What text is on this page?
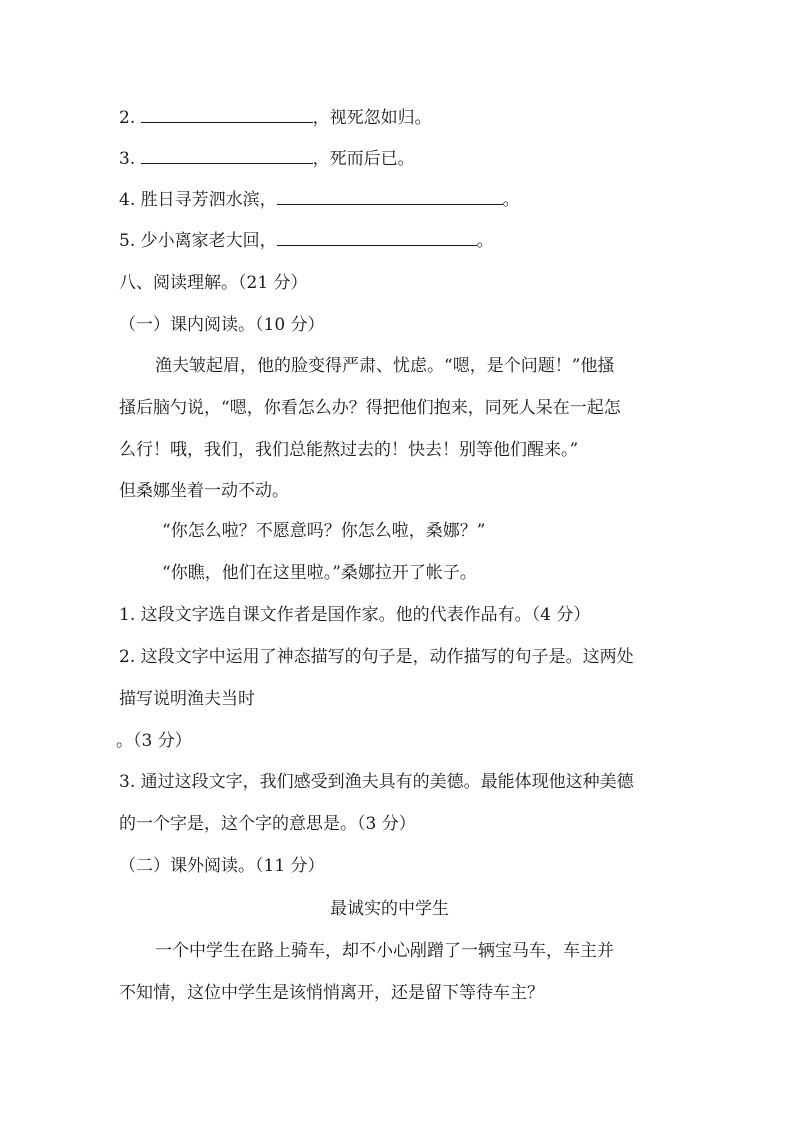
2.	，视死忽如归。
3.	，死而后已。
4. 胜日寻芳泗水滨，	。
5. 少小离家老大回，	。
八、阅读理解。（21 分）
（一）课内阅读。（10 分）
渔夫皱起眉，他的脸变得严肃、忧虑。“嗯，是个问题！”他搔
搔后脑勺说，“嗯，你看怎么办？得把他们抱来，同死人呆在一起怎
么行！哦，我们，我们总能熬过去的！快去！别等他们醒来。”
但桑娜坐着一动不动。
“你怎么啦？不愿意吗？你怎么啦，桑娜？”
“你瞧，他们在这里啦。”桑娜拉开了帐子。
1. 这段文字选自课文作者是国作家。他的代表作品有。（4 分）
2. 这段文字中运用了神态描写的句子是，动作描写的句子是。这两处
描写说明渔夫当时
。（3 分）
3. 通过这段文字，我们感受到渔夫具有的美德。最能体现他这种美德
的一个字是，这个字的意思是。（3 分）
（二）课外阅读。（11 分）
最诚实的中学生
一个中学生在路上骑车，却不小心剐蹭了一辆宝马车，车主并
不知情，这位中学生是该悄悄离开，还是留下等待车主？
